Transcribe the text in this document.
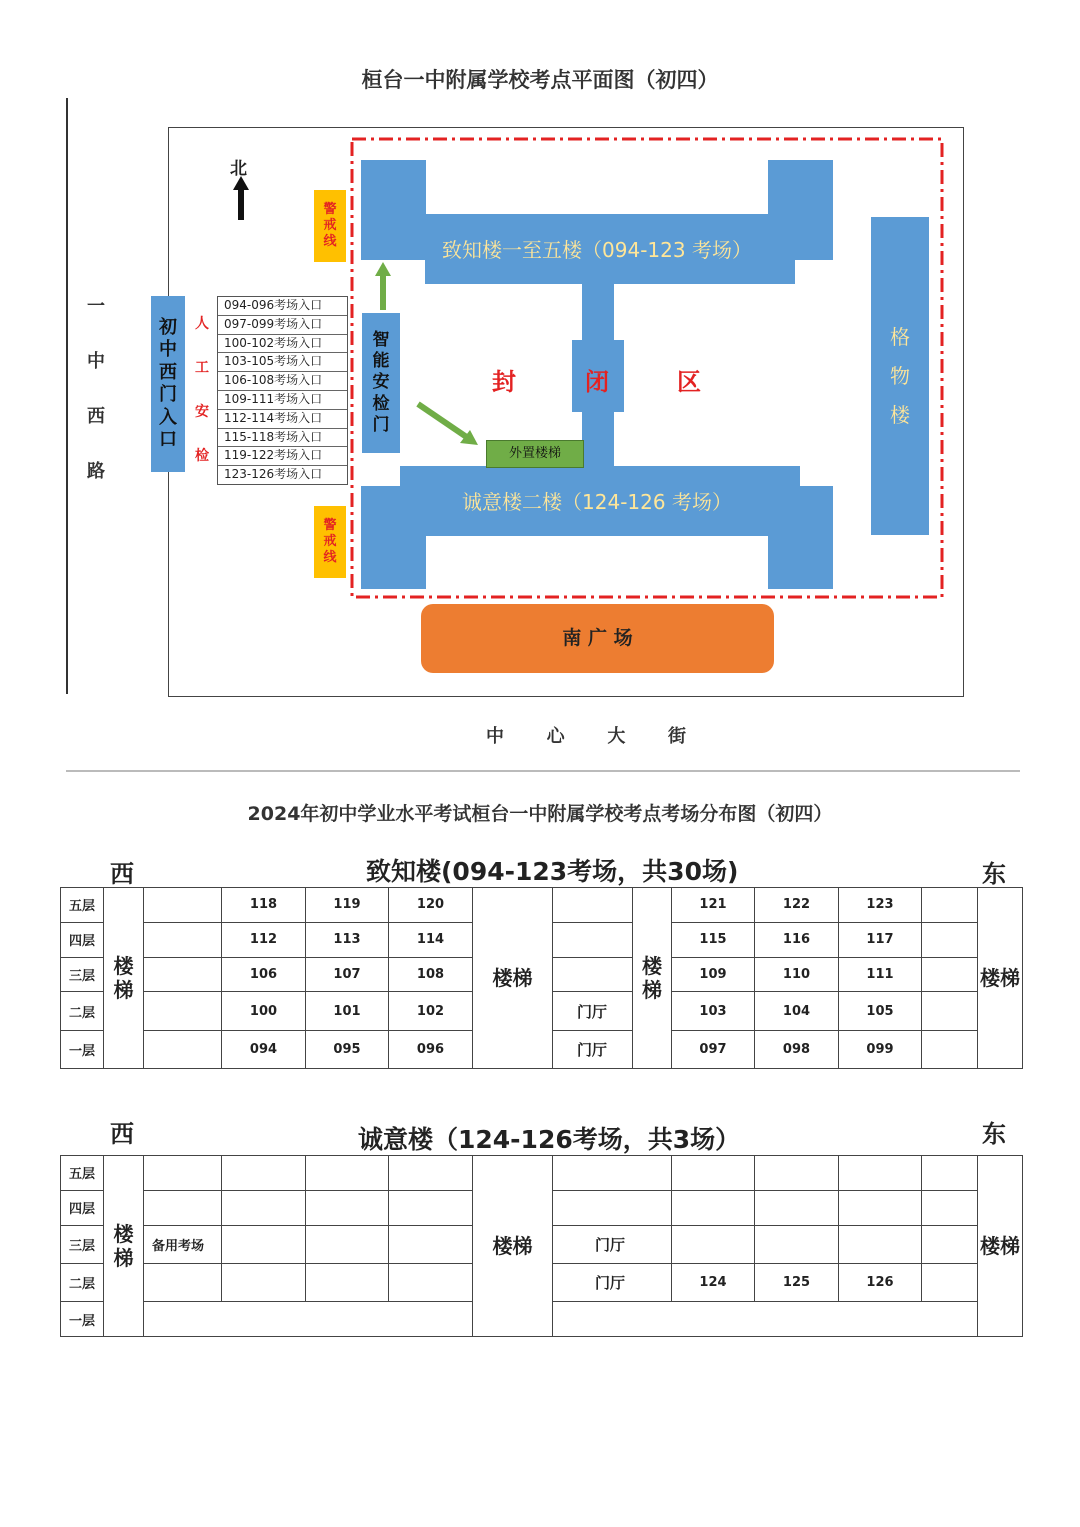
桓台一中附属学校考点平面图（初四）
一
中
西
路
北
初
中
西
门
入
口
人
工
安
检
094-096考场入口
097-099考场入口
100-102考场入口
103-105考场入口
106-108考场入口
109-111考场入口
112-114考场入口
115-118考场入口
119-122考场入口
123-126考场入口
警
戒
线
警
戒
线
智
能
安
检
门
致知楼一至五楼（094-123 考场）
诚意楼二楼（124-126 考场）
外置楼梯
封	闭	区
格
物
楼
南 广 场
中 心 大 街
2024年初中学业水平考试桓台一中附属学校考点考场分布图（初四）
西	致知楼(094-123考场，共30场)	东
五层	楼梯		118	119	120	楼梯		楼梯	121	122	123		楼梯
四层			112	113	114				115	116	117		
三层			106	107	108				109	110	111		
二层			100	101	102		门厅		103	104	105		
一层			094	095	096		门厅		097	098	099		
西	诚意楼（124-126考场，共3场）	东
五层	楼梯					楼梯						楼梯
四层												
三层		备用考场					门厅					
二层							门厅	124	125	126		
一层												
